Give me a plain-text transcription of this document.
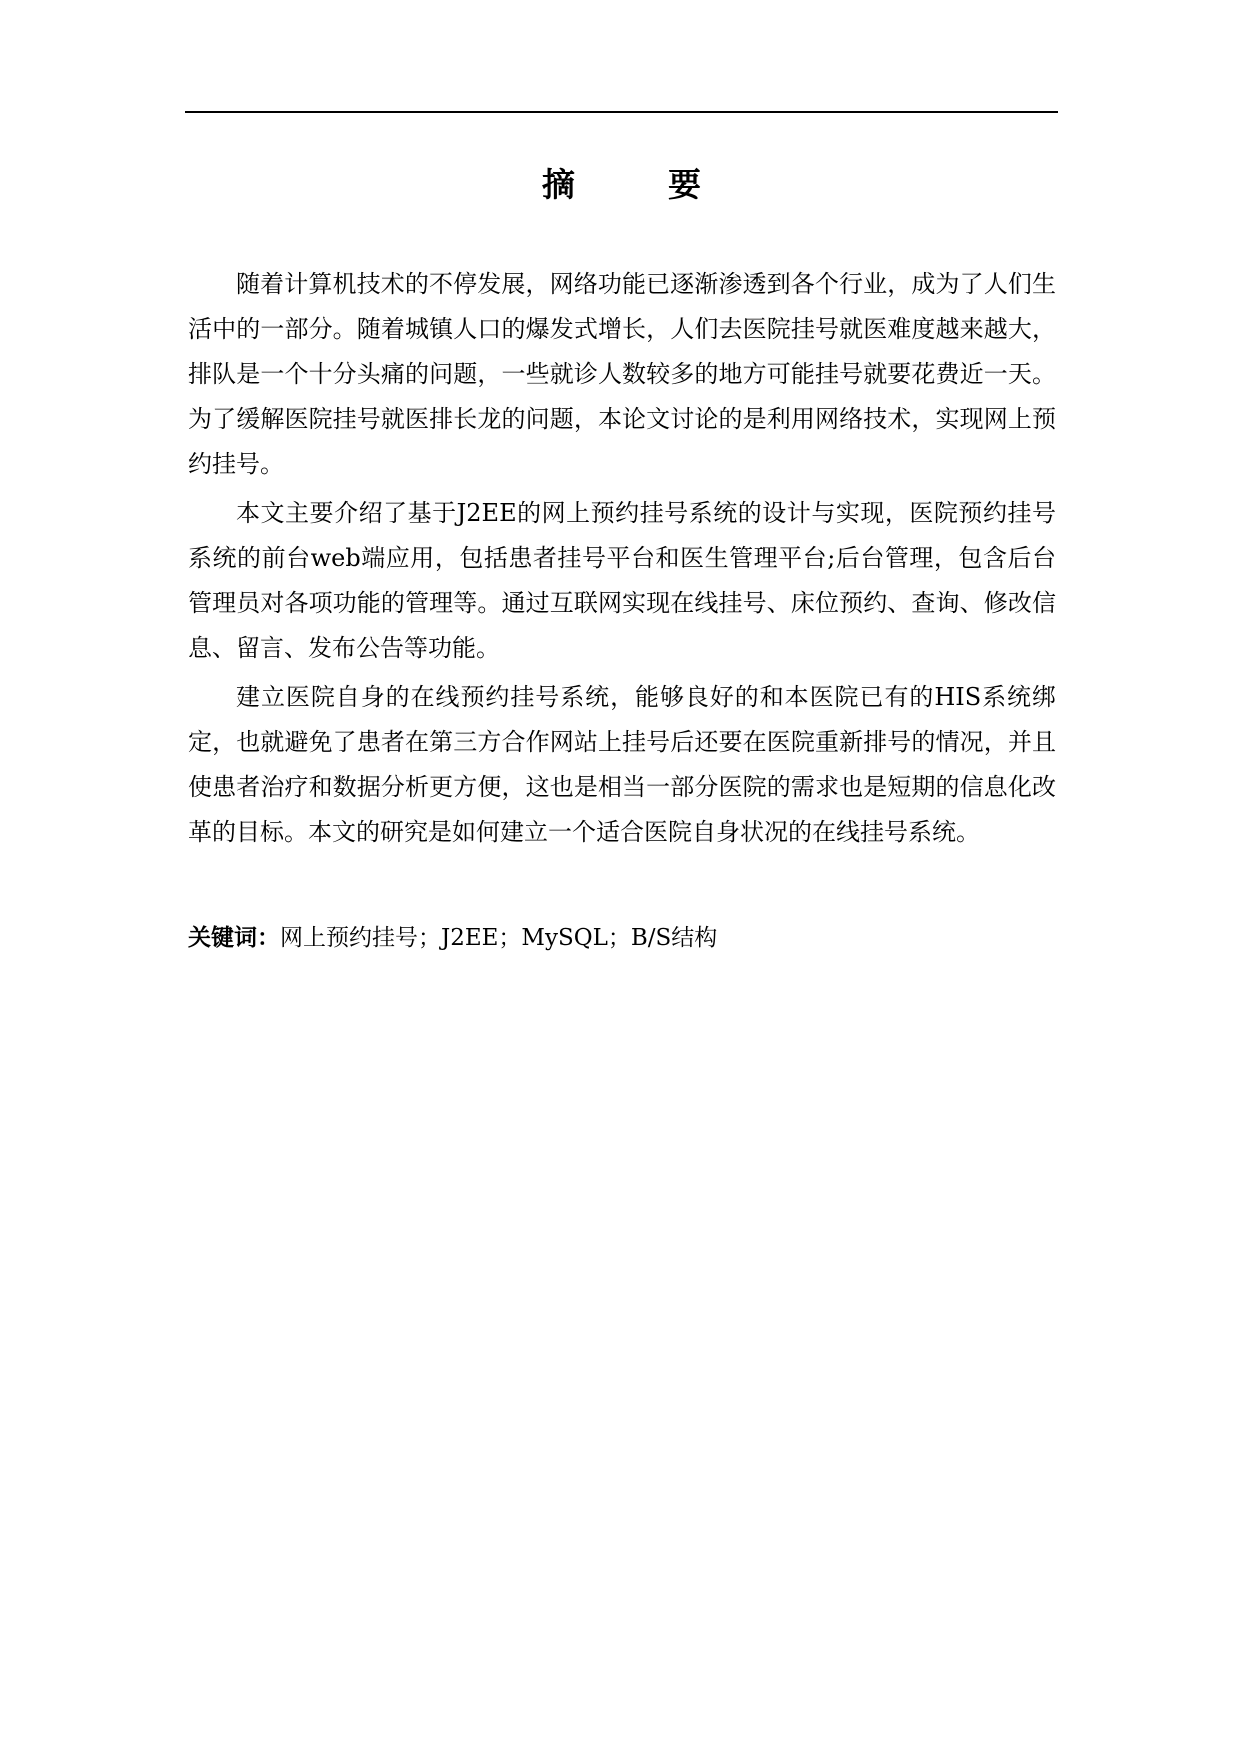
摘　要

随着计算机技术的不停发展，网络功能已逐渐渗透到各个行业，成为了人们生活中的一部分。随着城镇人口的爆发式增长，人们去医院挂号就医难度越来越大，排队是一个十分头痛的问题，一些就诊人数较多的地方可能挂号就要花费近一天。为了缓解医院挂号就医排长龙的问题，本论文讨论的是利用网络技术，实现网上预约挂号。

本文主要介绍了基于J2EE的网上预约挂号系统的设计与实现，医院预约挂号系统的前台web端应用，包括患者挂号平台和医生管理平台;后台管理，包含后台管理员对各项功能的管理等。通过互联网实现在线挂号、床位预约、查询、修改信息、留言、发布公告等功能。

建立医院自身的在线预约挂号系统，能够良好的和本医院已有的HIS系统绑定，也就避免了患者在第三方合作网站上挂号后还要在医院重新排号的情况，并且使患者治疗和数据分析更方便，这也是相当一部分医院的需求也是短期的信息化改革的目标。本文的研究是如何建立一个适合医院自身状况的在线挂号系统。

关键词：网上预约挂号；J2EE；MySQL；B/S结构
